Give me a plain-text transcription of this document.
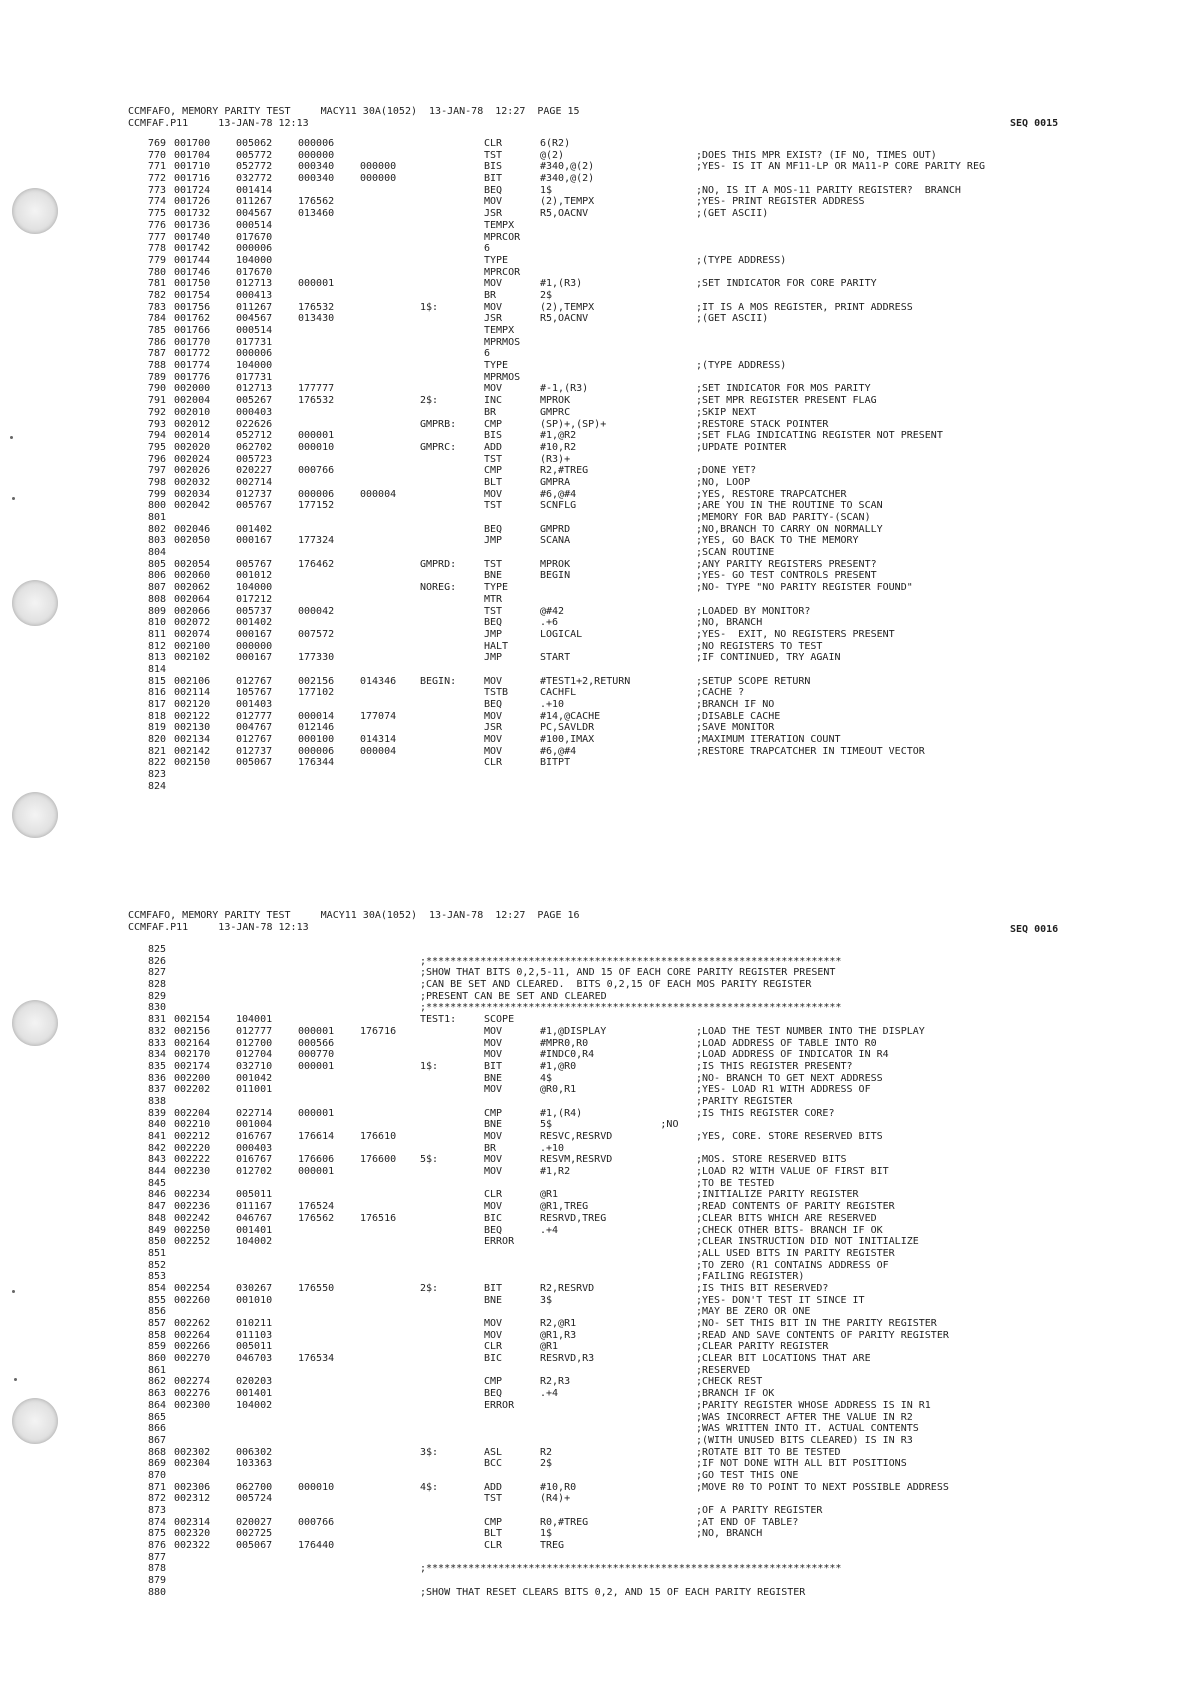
CCMFAFO, MEMORY PARITY TEST     MACY11 30A(1052)  13-JAN-78  12:27  PAGE 15
CCMFAF.P11     13-JAN-78 12:13	SEQ 0015
769 001700	005062	000006	CLR	6(R2)
770 001704	005772	000000	TST	@(2)	;DOES THIS MPR EXIST? (IF NO, TIMES OUT)
771 001710	052772	000340	000000	BIS	#340,@(2)	;YES- IS IT AN MF11-LP OR MA11-P CORE PARITY REG
772 001716	032772	000340	000000	BIT	#340,@(2)
773 001724	001414	BEQ	1$	;NO, IS IT A MOS-11 PARITY REGISTER?  BRANCH
774 001726	011267	176562	MOV	(2),TEMPX	;YES- PRINT REGISTER ADDRESS
775 001732	004567	013460	JSR	R5,OACNV	;(GET ASCII)
776 001736	000514	TEMPX
777 001740	017670	MPRCOR
778 001742	000006	6
779 001744	104000	TYPE	;(TYPE ADDRESS)
780 001746	017670	MPRCOR
781 001750	012713	000001	MOV	#1,(R3)	;SET INDICATOR FOR CORE PARITY
782 001754	000413	BR	2$
783 001756	011267	176532	1$:	MOV	(2),TEMPX	;IT IS A MOS REGISTER, PRINT ADDRESS
784 001762	004567	013430	JSR	R5,OACNV	;(GET ASCII)
785 001766	000514	TEMPX
786 001770	017731	MPRMOS
787 001772	000006	6
788 001774	104000	TYPE	;(TYPE ADDRESS)
789 001776	017731	MPRMOS
790 002000	012713	177777	MOV	#-1,(R3)	;SET INDICATOR FOR MOS PARITY
791 002004	005267	176532	2$:	INC	MPROK	;SET MPR REGISTER PRESENT FLAG
792 002010	000403	BR	GMPRC	;SKIP NEXT
793 002012	022626	GMPRB:	CMP	(SP)+,(SP)+	;RESTORE STACK POINTER
794 002014	052712	000001	BIS	#1,@R2	;SET FLAG INDICATING REGISTER NOT PRESENT
795 002020	062702	000010	GMPRC:	ADD	#10,R2	;UPDATE POINTER
796 002024	005723	TST	(R3)+
797 002026	020227	000766	CMP	R2,#TREG	;DONE YET?
798 002032	002714	BLT	GMPRA	;NO, LOOP
799 002034	012737	000006	000004	MOV	#6,@#4	;YES, RESTORE TRAPCATCHER
800 002042	005767	177152	TST	SCNFLG	;ARE YOU IN THE ROUTINE TO SCAN
801	;MEMORY FOR BAD PARITY-(SCAN)
802 002046	001402	BEQ	GMPRD	;NO,BRANCH TO CARRY ON NORMALLY
803 002050	000167	177324	JMP	SCANA	;YES, GO BACK TO THE MEMORY
804	;SCAN ROUTINE
805 002054	005767	176462	GMPRD:	TST	MPROK	;ANY PARITY REGISTERS PRESENT?
806 002060	001012	BNE	BEGIN	;YES- GO TEST CONTROLS PRESENT
807 002062	104000	NOREG:	TYPE	;NO- TYPE "NO PARITY REGISTER FOUND"
808 002064	017212	MTR
809 002066	005737	000042	TST	@#42	;LOADED BY MONITOR?
810 002072	001402	BEQ	.+6	;NO, BRANCH
811 002074	000167	007572	JMP	LOGICAL	;YES-  EXIT, NO REGISTERS PRESENT
812 002100	000000	HALT	;NO REGISTERS TO TEST
813 002102	000167	177330	JMP	START	;IF CONTINUED, TRY AGAIN
814
815 002106	012767	002156	014346 BEGIN:	MOV	#TEST1+2,RETURN	;SETUP SCOPE RETURN
816 002114	105767	177102	TSTB	CACHFL	;CACHE ?
817 002120	001403	BEQ	.+10	;BRANCH IF NO
818 002122	012777	000014	177074	MOV	#14,@CACHE	;DISABLE CACHE
819 002130	004767	012146	JSR	PC,SAVLDR	;SAVE MONITOR
820 002134	012767	000100	014314	MOV	#100,IMAX	;MAXIMUM ITERATION COUNT
821 002142	012737	000006	000004	MOV	#6,@#4	;RESTORE TRAPCATCHER IN TIMEOUT VECTOR
822 002150	005067	176344	CLR	BITPT
823
824
CCMFAFO, MEMORY PARITY TEST     MACY11 30A(1052)  13-JAN-78  12:27  PAGE 16
CCMFAF.P11     13-JAN-78 12:13	SEQ 0016
825
826	;*********************************************************************
827	;SHOW THAT BITS 0,2,5-11, AND 15 OF EACH CORE PARITY REGISTER PRESENT
828	;CAN BE SET AND CLEARED.  BITS 0,2,15 OF EACH MOS PARITY REGISTER
829	;PRESENT CAN BE SET AND CLEARED
830	;*********************************************************************
831 002154	104001	TEST1:	SCOPE
832 002156	012777	000001	176716	MOV	#1,@DISPLAY	;LOAD THE TEST NUMBER INTO THE DISPLAY
833 002164	012700	000566	MOV	#MPR0,R0	;LOAD ADDRESS OF TABLE INTO R0
834 002170	012704	000770	MOV	#INDC0,R4	;LOAD ADDRESS OF INDICATOR IN R4
835 002174	032710	000001	1$:	BIT	#1,@R0	;IS THIS REGISTER PRESENT?
836 002200	001042	BNE	4$	;NO- BRANCH TO GET NEXT ADDRESS
837 002202	011001	MOV	@R0,R1	;YES- LOAD R1 WITH ADDRESS OF
838	;PARITY REGISTER
839 002204	022714	000001	CMP	#1,(R4)	;IS THIS REGISTER CORE?
840 002210	001004	BNE	5$                  ;NO
841 002212	016767	176614	176610	MOV	RESVC,RESRVD	;YES, CORE. STORE RESERVED BITS
842 002220	000403	BR	.+10
843 002222	016767	176606	176600 5$:	MOV	RESVM,RESRVD	;MOS. STORE RESERVED BITS
844 002230	012702	000001	MOV	#1,R2	;LOAD R2 WITH VALUE OF FIRST BIT
845	;TO BE TESTED
846 002234	005011	CLR	@R1	;INITIALIZE PARITY REGISTER
847 002236	011167	176524	MOV	@R1,TREG	;READ CONTENTS OF PARITY REGISTER
848 002242	046767	176562	176516	BIC	RESRVD,TREG	;CLEAR BITS WHICH ARE RESERVED
849 002250	001401	BEQ	.+4	;CHECK OTHER BITS- BRANCH IF OK
850 002252	104002	ERROR	;CLEAR INSTRUCTION DID NOT INITIALIZE
851	;ALL USED BITS IN PARITY REGISTER
852	;TO ZERO (R1 CONTAINS ADDRESS OF
853	;FAILING REGISTER)
854 002254	030267	176550	2$:	BIT	R2,RESRVD	;IS THIS BIT RESERVED?
855 002260	001010	BNE	3$	;YES- DON'T TEST IT SINCE IT
856	;MAY BE ZERO OR ONE
857 002262	010211	MOV	R2,@R1	;NO- SET THIS BIT IN THE PARITY REGISTER
858 002264	011103	MOV	@R1,R3	;READ AND SAVE CONTENTS OF PARITY REGISTER
859 002266	005011	CLR	@R1	;CLEAR PARITY REGISTER
860 002270	046703	176534	BIC	RESRVD,R3	;CLEAR BIT LOCATIONS THAT ARE
861	;RESERVED
862 002274	020203	CMP	R2,R3	;CHECK REST
863 002276	001401	BEQ	.+4	;BRANCH IF OK
864 002300	104002	ERROR	;PARITY REGISTER WHOSE ADDRESS IS IN R1
865	;WAS INCORRECT AFTER THE VALUE IN R2
866	;WAS WRITTEN INTO IT. ACTUAL CONTENTS
867	;(WITH UNUSED BITS CLEARED) IS IN R3
868 002302	006302	3$:	ASL	R2	;ROTATE BIT TO BE TESTED
869 002304	103363	BCC	2$	;IF NOT DONE WITH ALL BIT POSITIONS
870	;GO TEST THIS ONE
871 002306	062700	000010	4$:	ADD	#10,R0	;MOVE R0 TO POINT TO NEXT POSSIBLE ADDRESS
872 002312	005724	TST	(R4)+
873	;OF A PARITY REGISTER
874 002314	020027	000766	CMP	R0,#TREG	;AT END OF TABLE?
875 002320	002725	BLT	1$	;NO, BRANCH
876 002322	005067	176440	CLR	TREG
877
878	;*********************************************************************
879
880	;SHOW THAT RESET CLEARS BITS 0,2, AND 15 OF EACH PARITY REGISTER
